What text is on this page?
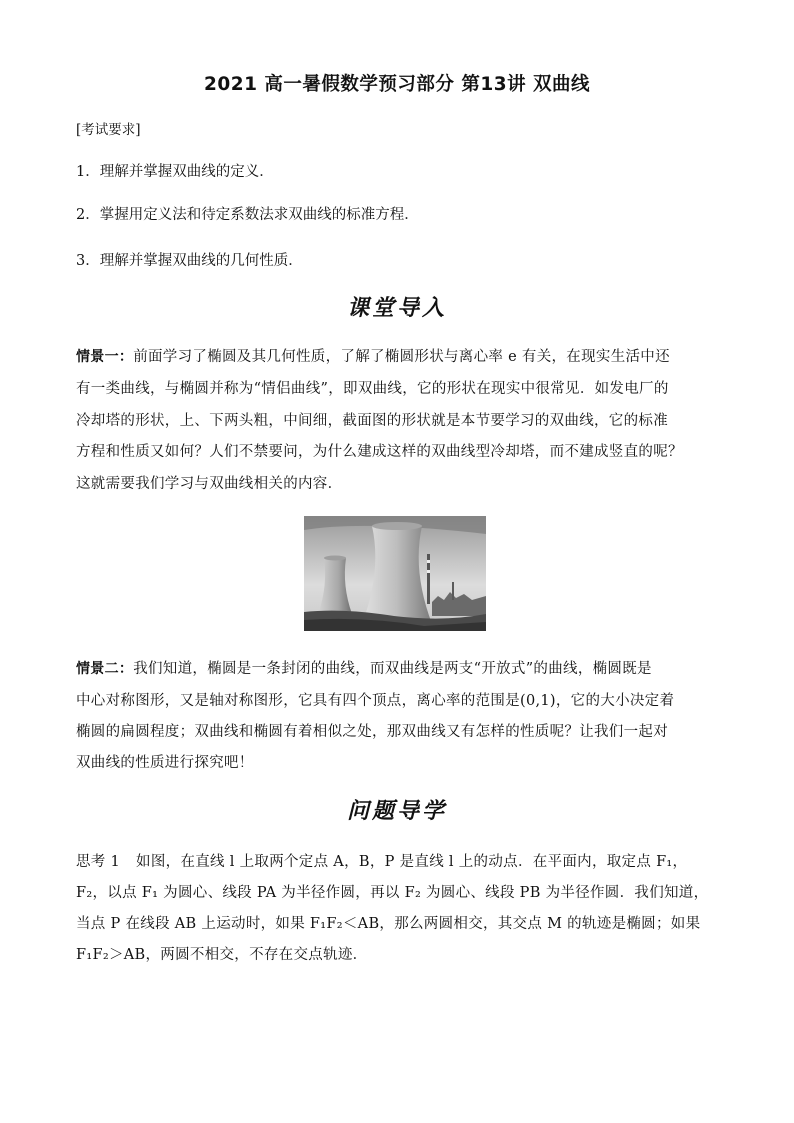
2021 高一暑假数学预习部分 第13讲 双曲线
[考试要求]
1．理解并掌握双曲线的定义．
2．掌握用定义法和待定系数法求双曲线的标准方程．
3．理解并掌握双曲线的几何性质．
课堂导入
情景一：前面学习了椭圆及其几何性质，了解了椭圆形状与离心率 e 有关，在现实生活中还
有一类曲线，与椭圆并称为“情侣曲线”，即双曲线，它的形状在现实中很常见．如发电厂的
冷却塔的形状，上、下两头粗，中间细，截面图的形状就是本节要学习的双曲线，它的标准
方程和性质又如何？人们不禁要问，为什么建成这样的双曲线型冷却塔，而不建成竖直的呢？
这就需要我们学习与双曲线相关的内容．
情景二：我们知道，椭圆是一条封闭的曲线，而双曲线是两支“开放式”的曲线，椭圆既是
中心对称图形，又是轴对称图形，它具有四个顶点，离心率的范围是(0,1)，它的大小决定着
椭圆的扁圆程度；双曲线和椭圆有着相似之处，那双曲线又有怎样的性质呢？让我们一起对
双曲线的性质进行探究吧！
问题导学
思考 1 如图，在直线 l 上取两个定点 A，B，P 是直线 l 上的动点．在平面内，取定点 F₁，
F₂，以点 F₁ 为圆心、线段 PA 为半径作圆，再以 F₂ 为圆心、线段 PB 为半径作圆．我们知道，
当点 P 在线段 AB 上运动时，如果 F₁F₂＜AB，那么两圆相交，其交点 M 的轨迹是椭圆；如果
F₁F₂＞AB，两圆不相交，不存在交点轨迹．
